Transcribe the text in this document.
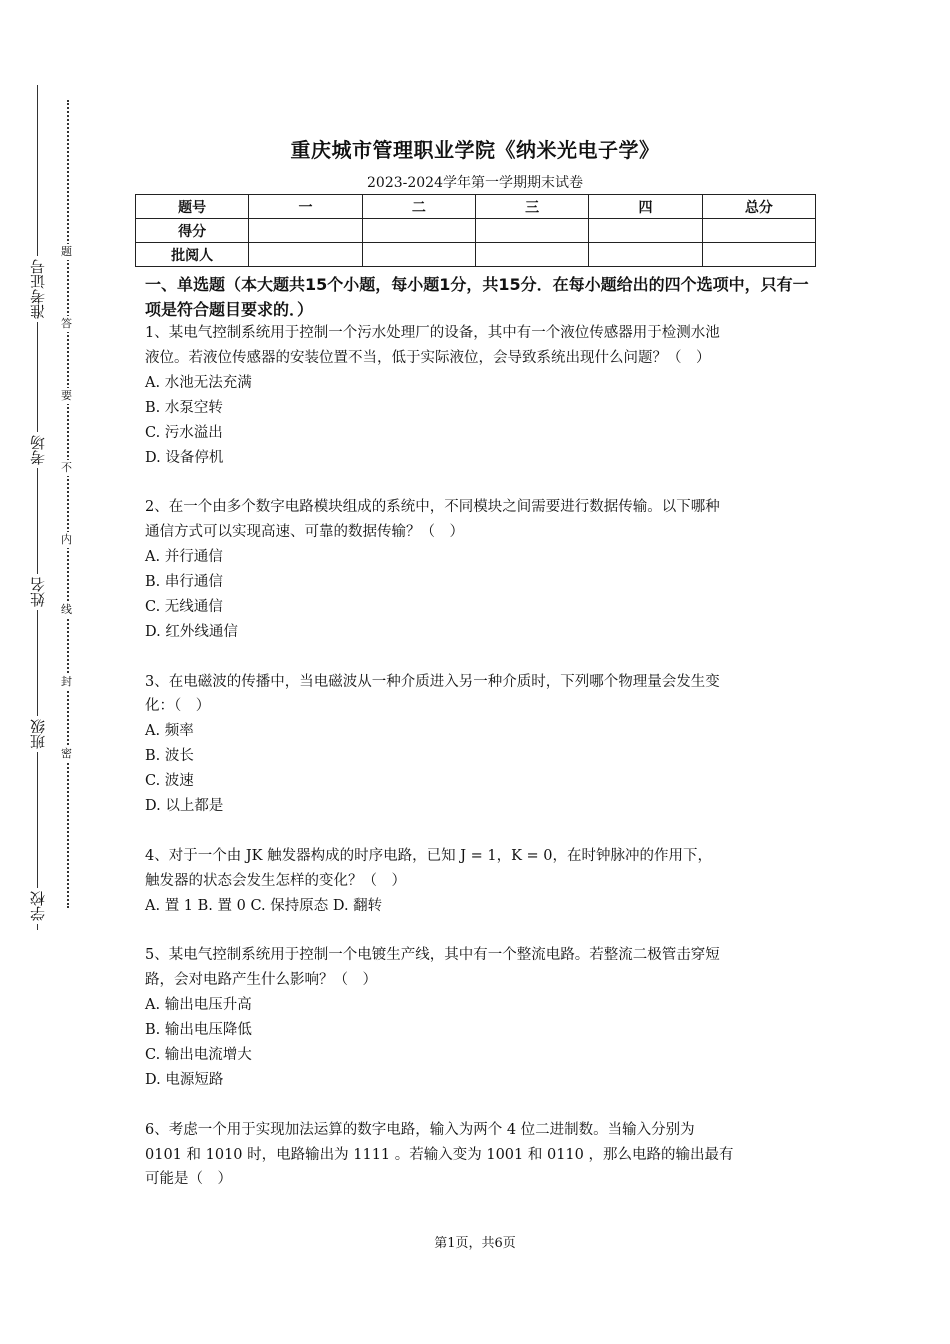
准考证号
考场
姓名
班级
学校
题
答
要
不
内
线
封
密
重庆城市管理职业学院《纳米光电子学》
2023-2024学年第一学期期末试卷
题号	一	二	三	四	总分
得分					
批阅人					
一、单选题（本大题共15个小题，每小题1分，共15分．在每小题给出的四个选项中，只有一项是符合题目要求的．）
1、某电气控制系统用于控制一个污水处理厂的设备，其中有一个液位传感器用于检测水池
液位。若液位传感器的安装位置不当，低于实际液位，会导致系统出现什么问题？（　）
A. 水池无法充满
B. 水泵空转
C. 污水溢出
D. 设备停机
2、在一个由多个数字电路模块组成的系统中，不同模块之间需要进行数据传输。以下哪种
通信方式可以实现高速、可靠的数据传输？（　）
A. 并行通信
B. 串行通信
C. 无线通信
D. 红外线通信
3、在电磁波的传播中，当电磁波从一种介质进入另一种介质时，下列哪个物理量会发生变
化：（　）
A. 频率
B. 波长
C. 波速
D. 以上都是
4、对于一个由 JK 触发器构成的时序电路，已知 J = 1，K = 0，在时钟脉冲的作用下，
触发器的状态会发生怎样的变化？（　）
A. 置 1 B. 置 0 C. 保持原态 D. 翻转
5、某电气控制系统用于控制一个电镀生产线，其中有一个整流电路。若整流二极管击穿短
路，会对电路产生什么影响？（　）
A. 输出电压升高
B. 输出电压降低
C. 输出电流增大
D. 电源短路
6、考虑一个用于实现加法运算的数字电路，输入为两个 4 位二进制数。当输入分别为
0101 和 1010 时，电路输出为 1111 。若输入变为 1001 和 0110 ，那么电路的输出最有
可能是（　）
第1页，共6页
